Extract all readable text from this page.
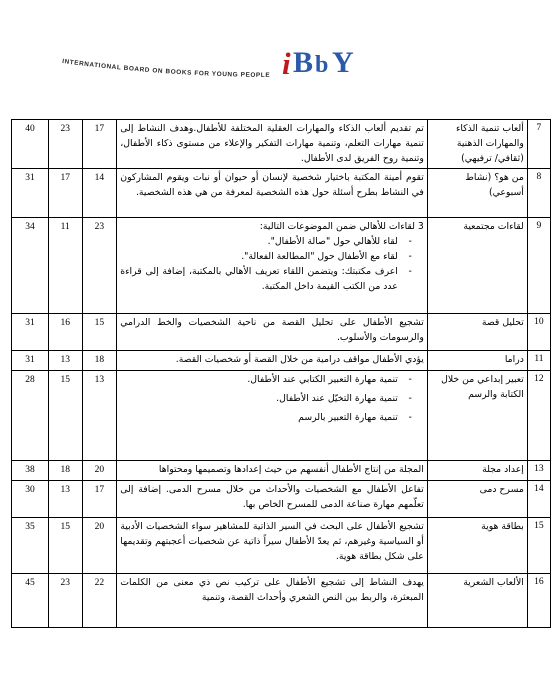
INTERNATIONAL BOARD ON BOOKS FOR YOUNG PEOPLE i B b Y
7	ألعاب تنمية الذكاء والمهارات الذهنية (ثقافي/ ترفيهي)	تم تقديم ألعاب الذكاء والمهارات العقلية المختلفة للأطفال.وهدف النشاط إلى تنمية مهارات التعلم، وتنمية مهارات التفكير والإعلاء من مستوى ذكاء الأطفال، وتنمية روح الفريق لدى الأطفال.	17	23	40
8	من هو؟ (نشاط أسبوعي)	تقوم أمينة المكتبة باختيار شخصية لإنسان أو حيوان أو نبات ويقوم المشاركون في النشاط بطرح أسئلة حول هذه الشخصية لمعرفة من هي هذه الشخصية.	14	17	31
9	لقاءات مجتمعية	3 لقاءات للأهالي ضمن الموضوعات التالية:
- لقاء للأهالي حول "صالة الأطفال".
- لقاء مع الأطفال حول "المطالعة الفعالة".
- اعرف مكتبتك: ويتضمن اللقاء تعريف الأهالي بالمكتبة، إضافة إلى قراءة عدد من الكتب القيمة داخل المكتبة.	23	11	34
10	تحليل قصة	تشجيع الأطفال على تحليل القصة من ناحية الشخصيات والخط الدرامي والرسومات والأسلوب.	15	16	31
11	دراما	يؤدي الأطفال مواقف درامية من خلال القصة أو شخصيات القصة.	18	13	31
12	تعبير إبداعي من خلال الكتابة والرسم	- تنمية مهارة التعبير الكتابي عند الأطفال.
- تنمية مهارة التخيّل عند الأطفال.
- تنمية مهارة التعبير بالرسم	13	15	28
13	إعداد مجلة	المجلة من إنتاج الأطفال أنفسهم من حيث إعدادها وتصميمها ومحتواها	20	18	38
14	مسرح دمى	تفاعل الأطفال مع الشخصيات والأحداث من خلال مسرح الدمى. إضافة إلى تعلّمهم مهارة صناعة الدمى للمسرح الخاص بها.	17	13	30
15	بطاقة هوية	تشجيع الأطفال على البحث في السير الذاتية للمشاهير سواء الشخصيات الأدبية أو السياسية وغيرهم، ثم يعدّ الأطفال سيراً ذاتية عن شخصيات أعجبتهم وتقديمها على شكل بطاقة هوية.	20	15	35
16	الألعاب الشعرية	يهدف النشاط إلى تشجيع الأطفال على تركيب نص ذي معنى من الكلمات المبعثرة، والربط بين النص الشعري وأحداث القصة، وتنمية	22	23	45
